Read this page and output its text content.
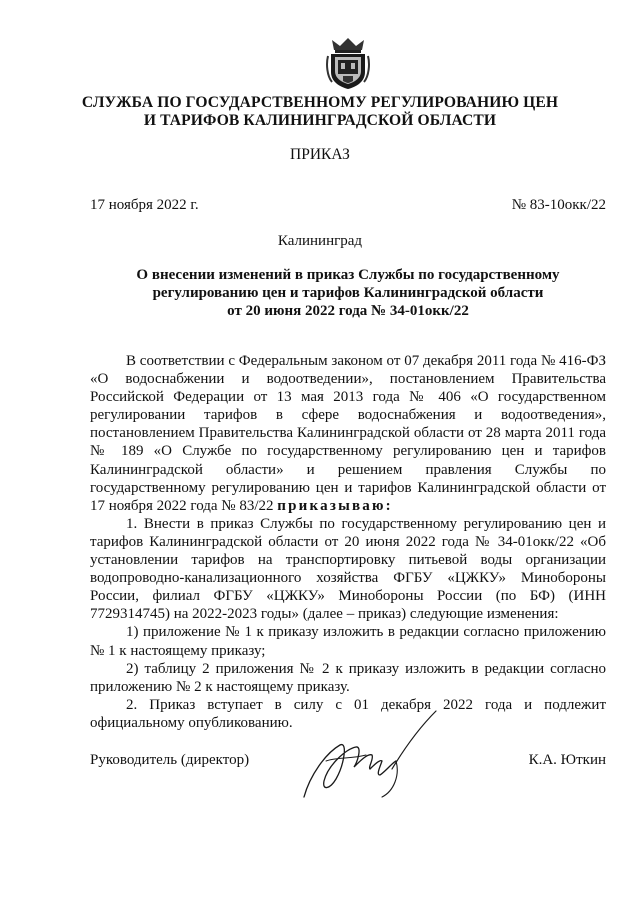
СЛУЖБА ПО ГОСУДАРСТВЕННОМУ РЕГУЛИРОВАНИЮ ЦЕН
И ТАРИФОВ КАЛИНИНГРАДСКОЙ ОБЛАСТИ
ПРИКАЗ
17 ноября 2022 г.	№ 83-10окк/22
Калининград
О внесении изменений в приказ Службы по государственному
регулированию цен и тарифов Калининградской области
от 20 июня 2022 года № 34-01окк/22

В соответствии с Федеральным законом от 07 декабря 2011 года № 416-ФЗ «О водоснабжении и водоотведении», постановлением Правительства Российской Федерации от 13 мая 2013 года № 406 «О государственном регулировании тарифов в сфере водоснабжения и водоотведения», постановлением Правительства Калининградской области от 28 марта 2011 года № 189 «О Службе по государственному регулированию цен и тарифов Калининградской области» и решением правления Службы по государственному регулированию цен и тарифов Калининградской области от 17 ноября 2022 года № 83/22 приказываю:

1. Внести в приказ Службы по государственному регулированию цен и тарифов Калининградской области от 20 июня 2022 года № 34-01окк/22 «Об установлении тарифов на транспортировку питьевой воды организации водопроводно-канализационного хозяйства ФГБУ «ЦЖКУ» Минобороны России, филиал ФГБУ «ЦЖКУ» Минобороны России (по БФ) (ИНН 7729314745) на 2022-2023 годы» (далее – приказ) следующие изменения:

1) приложение № 1 к приказу изложить в редакции согласно приложению № 1 к настоящему приказу;

2) таблицу 2 приложения № 2 к приказу изложить в редакции согласно приложению № 2 к настоящему приказу.

2. Приказ вступает в силу с 01 декабря 2022 года и подлежит официальному опубликованию.

Руководитель (директор)	К.А. Юткин
